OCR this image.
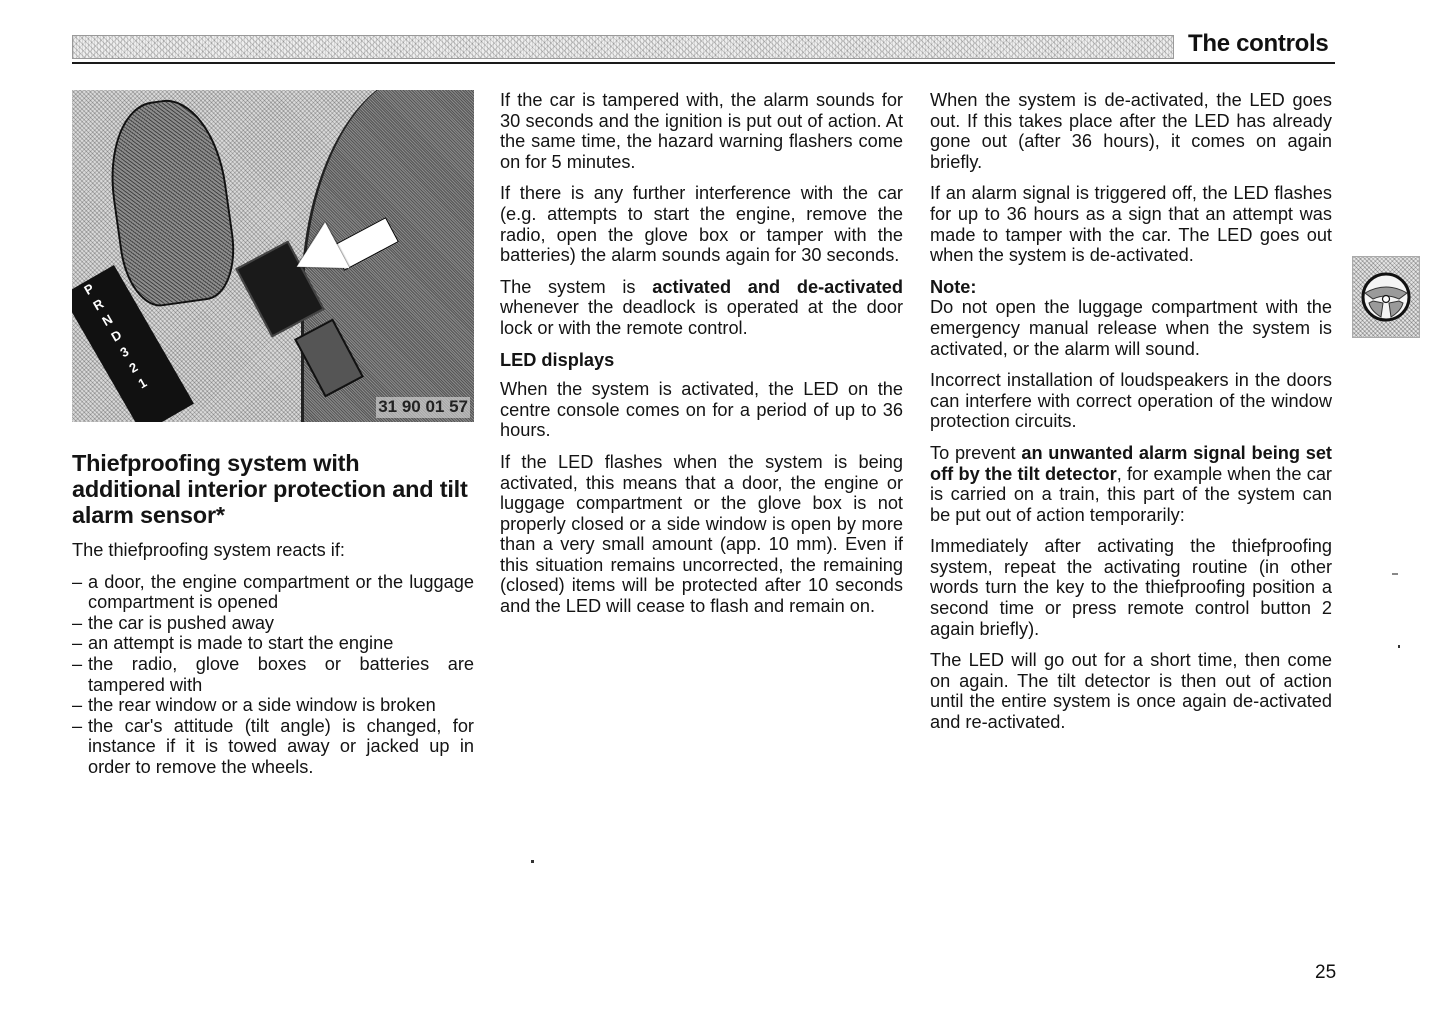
The controls
P
R
N
D
3
2
1
31 90 01 57
Thiefproofing system with additional interior protection and tilt alarm sensor*

The thiefproofing system reacts if:

– a door, the engine compartment or the luggage compartment is opened
– the car is pushed away
– an attempt is made to start the engine
– the radio, glove boxes or batteries are tampered with
– the rear window or a side window is broken
– the car's attitude (tilt angle) is changed, for instance if it is towed away or jacked up in order to remove the wheels.

If the car is tampered with, the alarm sounds for 30 seconds and the ignition is put out of action. At the same time, the hazard warning flashers come on for 5 minutes.

If there is any further interference with the car (e.g. attempts to start the engine, remove the radio, open the glove box or tamper with the batteries) the alarm sounds again for 30 seconds.

The system is activated and de-activated whenever the deadlock is operated at the door lock or with the remote control.

LED displays

When the system is activated, the LED on the centre console comes on for a period of up to 36 hours.

If the LED flashes when the system is being activated, this means that a door, the engine or luggage compartment or the glove box is not properly closed or a side window is open by more than a very small amount (app. 10 mm). Even if this situation remains uncorrected, the remaining (closed) items will be protected after 10 seconds and the LED will cease to flash and remain on.

When the system is de-activated, the LED goes out. If this takes place after the LED has already gone out (after 36 hours), it comes on again briefly.

If an alarm signal is triggered off, the LED flashes for up to 36 hours as a sign that an attempt was made to tamper with the car. The LED goes out when the system is de-activated.

Note:

Do not open the luggage compartment with the emergency manual release when the system is activated, or the alarm will sound.

Incorrect installation of loudspeakers in the doors can interfere with correct operation of the window protection circuits.

To prevent an unwanted alarm signal being set off by the tilt detector, for example when the car is carried on a train, this part of the system can be put out of action temporarily:

Immediately after activating the thiefproofing system, repeat the activating routine (in other words turn the key to the thiefproofing position a second time or press remote control button 2 again briefly).

The LED will go out for a short time, then come on again. The tilt detector is then out of action until the entire system is once again de-activated and re-activated.

25
